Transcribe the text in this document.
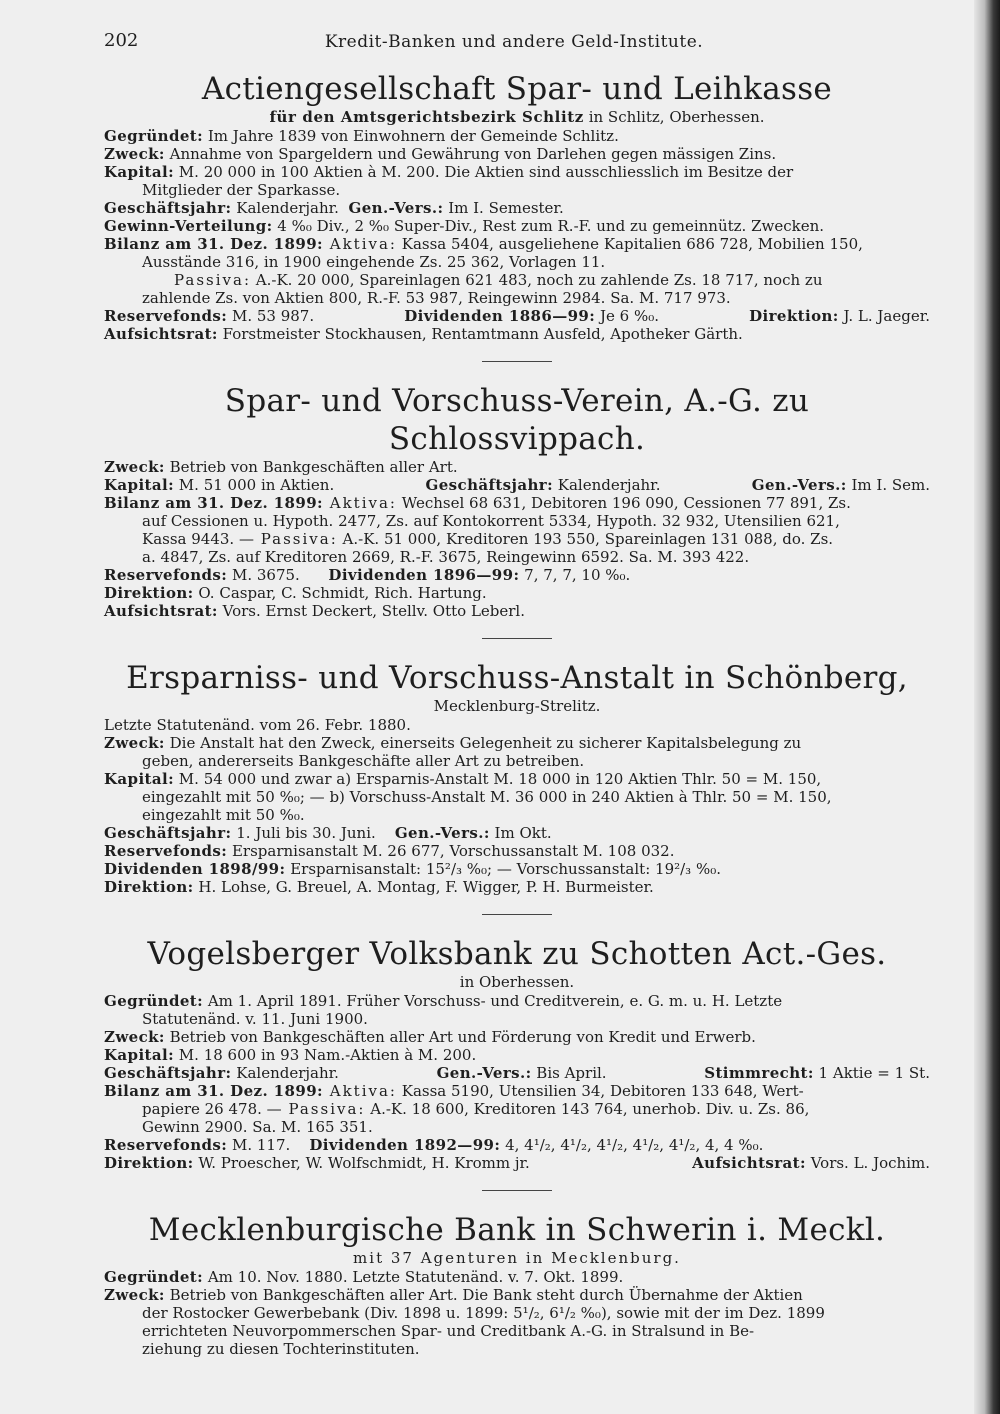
202	Kredit-Banken und andere Geld-Institute.
Actiengesellschaft Spar- und Leihkasse
für den Amtsgerichtsbezirk Schlitz in Schlitz, Oberhessen.
Gegründet: Im Jahre 1839 von Einwohnern der Gemeinde Schlitz.
Zweck: Annahme von Spargeldern und Gewährung von Darlehen gegen mässigen Zins.
Kapital: M. 20 000 in 100 Aktien à M. 200. Die Aktien sind ausschliesslich im Besitze der
Mitglieder der Sparkasse.
Geschäftsjahr: Kalenderjahr. Gen.-Vers.: Im I. Semester.
Gewinn-Verteilung: 4 %₀ Div., 2 %₀ Super-Div., Rest zum R.-F. und zu gemeinnütz. Zwecken.
Bilanz am 31. Dez. 1899: Aktiva: Kassa 5404, ausgeliehene Kapitalien 686 728, Mobilien 150,
Ausstände 316, in 1900 eingehende Zs. 25 362, Vorlagen 11.
Passiva: A.-K. 20 000, Spareinlagen 621 483, noch zu zahlende Zs. 18 717, noch zu
zahlende Zs. von Aktien 800, R.-F. 53 987, Reingewinn 2984. Sa. M. 717 973.
Reservefonds: M. 53 987.	Dividenden 1886—99: Je 6 %₀.	Direktion: J. L. Jaeger.
Aufsichtsrat: Forstmeister Stockhausen, Rentamtmann Ausfeld, Apotheker Gärth.
Spar- und Vorschuss-Verein, A.-G. zu Schlossvippach.
Zweck: Betrieb von Bankgeschäften aller Art.
Kapital: M. 51 000 in Aktien.	Geschäftsjahr: Kalenderjahr.	Gen.-Vers.: Im I. Sem.
Bilanz am 31. Dez. 1899: Aktiva: Wechsel 68 631, Debitoren 196 090, Cessionen 77 891, Zs.
auf Cessionen u. Hypoth. 2477, Zs. auf Kontokorrent 5334, Hypoth. 32 932, Utensilien 621,
Kassa 9443. — Passiva: A.-K. 51 000, Kreditoren 193 550, Spareinlagen 131 088, do. Zs.
a. 4847, Zs. auf Kreditoren 2669, R.-F. 3675, Reingewinn 6592. Sa. M. 393 422.
Reservefonds: M. 3675. Dividenden 1896—99: 7, 7, 7, 10 %₀.
Direktion: O. Caspar, C. Schmidt, Rich. Hartung.
Aufsichtsrat: Vors. Ernst Deckert, Stellv. Otto Leberl.
Ersparniss- und Vorschuss-Anstalt in Schönberg,
Mecklenburg-Strelitz.
Letzte Statutenänd. vom 26. Febr. 1880.
Zweck: Die Anstalt hat den Zweck, einerseits Gelegenheit zu sicherer Kapitalsbelegung zu
geben, andererseits Bankgeschäfte aller Art zu betreiben.
Kapital: M. 54 000 und zwar a) Ersparnis-Anstalt M. 18 000 in 120 Aktien Thlr. 50 = M. 150,
eingezahlt mit 50 %₀; — b) Vorschuss-Anstalt M. 36 000 in 240 Aktien à Thlr. 50 = M. 150,
eingezahlt mit 50 %₀.
Geschäftsjahr: 1. Juli bis 30. Juni. Gen.-Vers.: Im Okt.
Reservefonds: Ersparnisanstalt M. 26 677, Vorschussanstalt M. 108 032.
Dividenden 1898/99: Ersparnisanstalt: 15²/₃ %₀; — Vorschussanstalt: 19²/₃ %₀.
Direktion: H. Lohse, G. Breuel, A. Montag, F. Wigger, P. H. Burmeister.
Vogelsberger Volksbank zu Schotten Act.-Ges.
in Oberhessen.
Gegründet: Am 1. April 1891. Früher Vorschuss- und Creditverein, e. G. m. u. H. Letzte
Statutenänd. v. 11. Juni 1900.
Zweck: Betrieb von Bankgeschäften aller Art und Förderung von Kredit und Erwerb.
Kapital: M. 18 600 in 93 Nam.-Aktien à M. 200.
Geschäftsjahr: Kalenderjahr.	Gen.-Vers.: Bis April.	Stimmrecht: 1 Aktie = 1 St.
Bilanz am 31. Dez. 1899: Aktiva: Kassa 5190, Utensilien 34, Debitoren 133 648, Wert-
papiere 26 478. — Passiva: A.-K. 18 600, Kreditoren 143 764, unerhob. Div. u. Zs. 86,
Gewinn 2900. Sa. M. 165 351.
Reservefonds: M. 117. Dividenden 1892—99: 4, 4¹/₂, 4¹/₂, 4¹/₂, 4¹/₂, 4¹/₂, 4, 4 %₀.
Direktion: W. Proescher, W. Wolfschmidt, H. Kromm jr.	Aufsichtsrat: Vors. L. Jochim.
Mecklenburgische Bank in Schwerin i. Meckl.
mit 37 Agenturen in Mecklenburg.
Gegründet: Am 10. Nov. 1880. Letzte Statutenänd. v. 7. Okt. 1899.
Zweck: Betrieb von Bankgeschäften aller Art. Die Bank steht durch Übernahme der Aktien
der Rostocker Gewerbebank (Div. 1898 u. 1899: 5¹/₂, 6¹/₂ %₀), sowie mit der im Dez. 1899
errichteten Neuvorpommerschen Spar- und Creditbank A.-G. in Stralsund in Be-
ziehung zu diesen Tochterinstituten.
